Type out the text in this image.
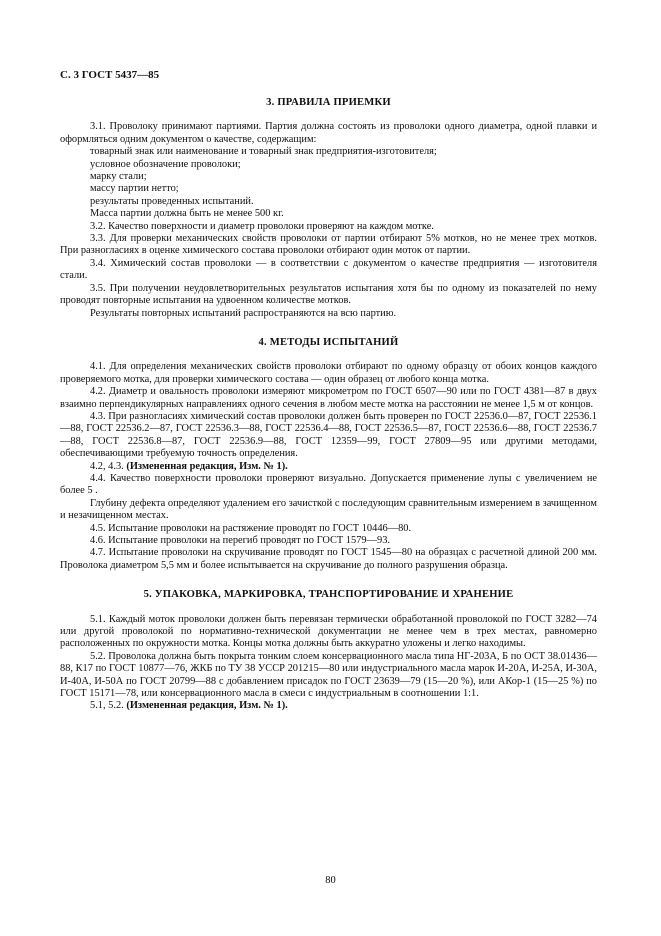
С. 3 ГОСТ 5437—85
3. ПРАВИЛА ПРИЕМКИ

3.1. Проволоку принимают партиями. Партия должна состоять из проволоки одного диаметра, одной плавки и оформляться одним документом о качестве, содержащим:

товарный знак или наименование и товарный знак предприятия-изготовителя;

условное обозначение проволоки;

марку стали;

массу партии нетто;

результаты проведенных испытаний.

Масса партии должна быть не менее 500 кг.

3.2. Качество поверхности и диаметр проволоки проверяют на каждом мотке.

3.3. Для проверки механических свойств проволоки от партии отбирают 5% мотков, но не менее трех мотков. При разногласиях в оценке химического состава проволоки отбирают один моток от партии.

3.4. Химический состав проволоки — в соответствии с документом о качестве предприятия — изготовителя стали.

3.5. При получении неудовлетворительных результатов испытания хотя бы по одному из показателей по нему проводят повторные испытания на удвоенном количестве мотков.

Результаты повторных испытаний распространяются на всю партию.

4. МЕТОДЫ ИСПЫТАНИЙ

4.1. Для определения механических свойств проволоки отбирают по одному образцу от обоих концов каждого проверяемого мотка, для проверки химического состава — один образец от любого конца мотка.

4.2. Диаметр и овальность проволоки измеряют микрометром по ГОСТ 6507—90 или по ГОСТ 4381—87 в двух взаимно перпендикулярных направлениях одного сечения в любом месте мотка на расстоянии не менее 1,5 м от концов.

4.3. При разногласиях химический состав проволоки должен быть проверен по ГОСТ 22536.0—87, ГОСТ 22536.1—88, ГОСТ 22536.2—87, ГОСТ 22536.3—88, ГОСТ 22536.4—88, ГОСТ 22536.5—87, ГОСТ 22536.6—88, ГОСТ 22536.7—88, ГОСТ 22536.8—87, ГОСТ 22536.9—88, ГОСТ 12359—99, ГОСТ 27809—95 или другими методами, обеспечивающими требуемую точность определения.

4.2, 4.3. (Измененная редакция, Изм. № 1).

4.4. Качество поверхности проволоки проверяют визуально. Допускается применение лупы с увеличением не более 5 .

Глубину дефекта определяют удалением его зачисткой с последующим сравнительным измерением в зачищенном и незачищенном местах.

4.5. Испытание проволоки на растяжение проводят по ГОСТ 10446—80.

4.6. Испытание проволоки на перегиб проводят по ГОСТ 1579—93.

4.7. Испытание проволоки на скручивание проводят по ГОСТ 1545—80 на образцах с расчетной длиной 200 мм. Проволока диаметром 5,5 мм и более испытывается на скручивание до полного разрушения образца.

5. УПАКОВКА, МАРКИРОВКА, ТРАНСПОРТИРОВАНИЕ И ХРАНЕНИЕ

5.1. Каждый моток проволоки должен быть перевязан термически обработанной проволокой по ГОСТ 3282—74 или другой проволокой по нормативно-технической документации не менее чем в трех местах, равномерно расположенных по окружности мотка. Концы мотка должны быть аккуратно уложены и легко находимы.

5.2. Проволока должна быть покрыта тонким слоем консервационного масла типа НГ-203А, Б по ОСТ 38.01436—88, К17 по ГОСТ 10877—76, ЖКБ по ТУ 38 УССР 201215—80 или индустриального масла марок И-20А, И-25А, И-30А, И-40А, И-50А по ГОСТ 20799—88 с добавлением присадок по ГОСТ 23639—79 (15—20 %), или АКор-1 (15—25 %) по ГОСТ 15171—78, или консервационного масла в смеси с индустриальным в соотношении 1:1.

5.1, 5.2. (Измененная редакция, Изм. № 1).

80
